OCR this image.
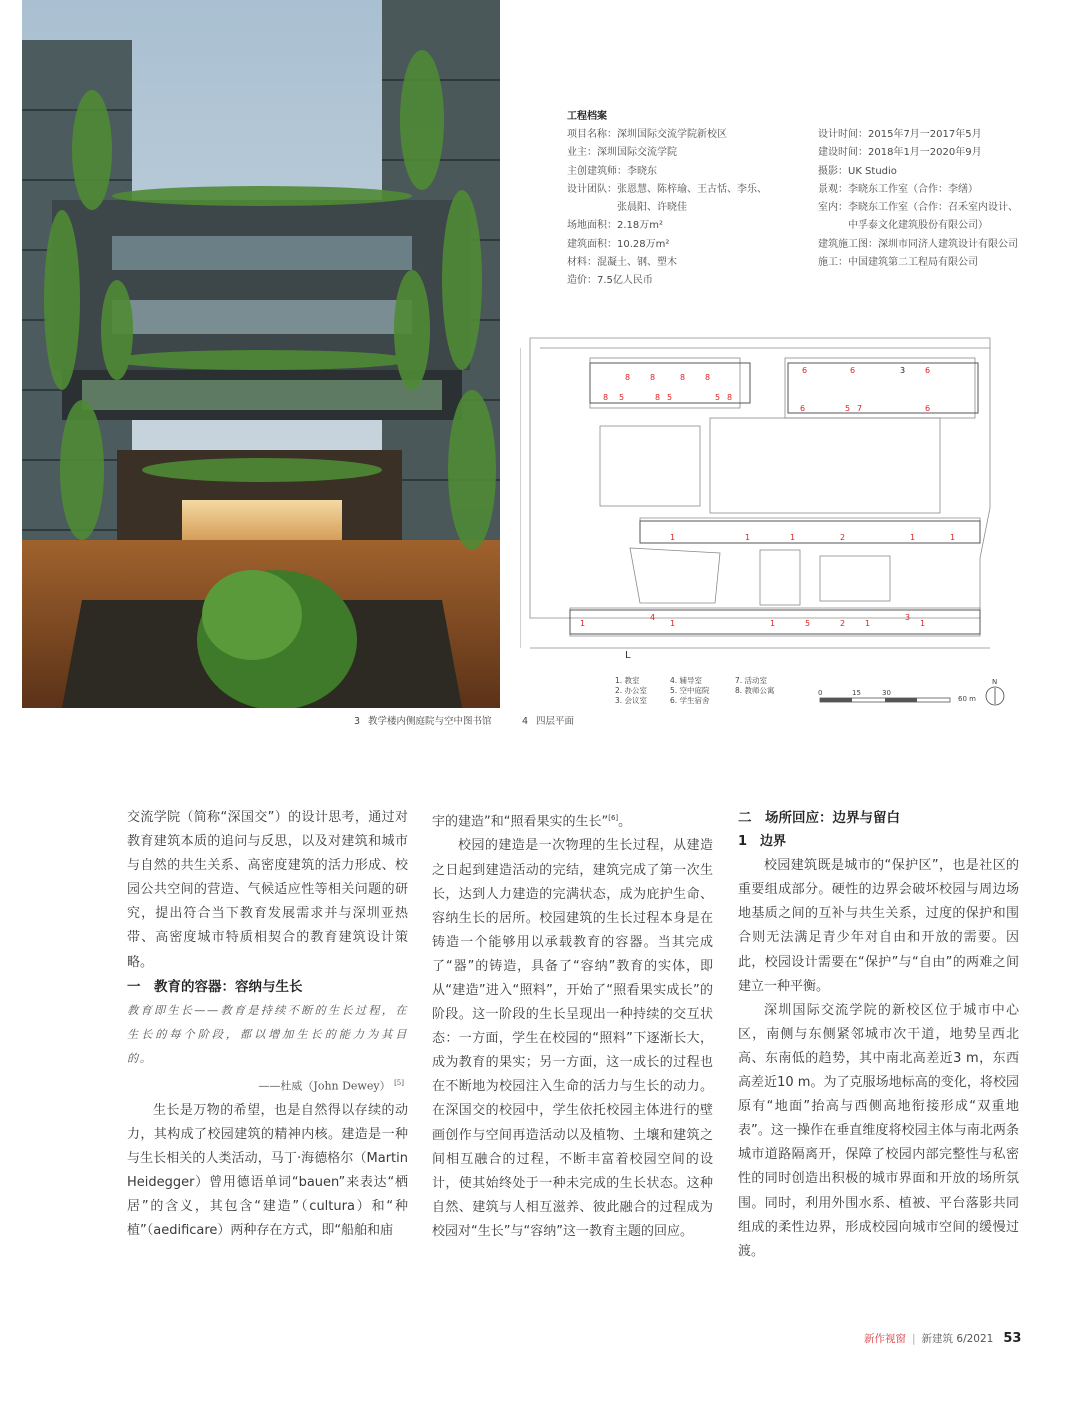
3 教学楼内侧庭院与空中图书馆
工程档案
项目名称：深圳国际交流学院新校区
业主：深圳国际交流学院
主创建筑师：李晓东
设计团队：张恩慧、陈梓瑜、王古恬、李乐、
张晨阳、许晓佳
场地面积：2.18万m²
建筑面积：10.28万m²
材料：混凝土、钢、塑木
造价：7.5亿人民币
设计时间：2015年7月一2017年5月
建设时间：2018年1月一2020年9月
摄影：UK Studio
景观：李晓东工作室（合作：李缮）
室内：李晓东工作室（合作：召禾室内设计、
中孚泰文化建筑股份有限公司）
建筑施工图：深圳市同济人建筑设计有限公司
施工：中国建筑第二工程局有限公司
8 8	8 8
8 5	8 5	5 8
6	6	6
6	5 7	6
1	1	1	2	1	1
1
4
1	1	5	2 1
3
1
3
L
1. 教室	4. 辅导室	7. 活动室
2. 办公室	5. 空中庭院	8. 教师公寓
3. 会议室	6. 学生宿舍
0	15	30
60 m
N
4 四层平面

交流学院（简称“深国交”）的设计思考，通过对教育建筑本质的追问与反思，以及对建筑和城市与自然的共生关系、高密度建筑的活力形成、校园公共空间的营造、气候适应性等相关问题的研究，提出符合当下教育发展需求并与深圳亚热带、高密度城市特质相契合的教育建筑设计策略。

一　教育的容器：容纳与生长

教育即生长——教育是持续不断的生长过程，在生长的每个阶段，都以增加生长的能力为其目的。

——杜威（John Dewey） [5]

生长是万物的希望，也是自然得以存续的动力，其构成了校园建筑的精神内核。建造是一种与生长相关的人类活动，马丁·海德格尔（Martin Heidegger）曾用德语单词“bauen”来表达“栖居”的含义，其包含“建造”（cultura）和“种植”（aedificare）两种存在方式，即“船舶和庙

宇的建造”和“照看果实的生长”[6]。

校园的建造是一次物理的生长过程，从建造之日起到建造活动的完结，建筑完成了第一次生长，达到人力建造的完满状态，成为庇护生命、容纳生长的居所。校园建筑的生长过程本身是在铸造一个能够用以承载教育的容器。当其完成了“器”的铸造，具备了“容纳”教育的实体，即从“建造”进入“照料”，开始了“照看果实成长”的阶段。这一阶段的生长呈现出一种持续的交互状态：一方面，学生在校园的“照料”下逐渐长大，成为教育的果实；另一方面，这一成长的过程也在不断地为校园注入生命的活力与生长的动力。在深国交的校园中，学生依托校园主体进行的壁画创作与空间再造活动以及植物、土壤和建筑之间相互融合的过程，不断丰富着校园空间的设计，使其始终处于一种未完成的生长状态。这种自然、建筑与人相互滋养、彼此融合的过程成为校园对“生长”与“容纳”这一教育主题的回应。

二　场所回应：边界与留白

1　边界

校园建筑既是城市的“保护区”，也是社区的重要组成部分。硬性的边界会破坏校园与周边场地基质之间的互补与共生关系，过度的保护和围合则无法满足青少年对自由和开放的需要。因此，校园设计需要在“保护”与“自由”的两难之间建立一种平衡。

深圳国际交流学院的新校区位于城市中心区，南侧与东侧紧邻城市次干道，地势呈西北高、东南低的趋势，其中南北高差近3 m，东西高差近10 m。为了克服场地标高的变化，将校园原有“地面”抬高与西侧高地衔接形成“双重地表”。这一操作在垂直维度将校园主体与南北两条城市道路隔离开，保障了校园内部完整性与私密性的同时创造出积极的城市界面和开放的场所氛围。同时，利用外围水系、植被、平台落影共同组成的柔性边界，形成校园向城市空间的缓慢过渡。

新作视窗 | 新建筑 6/2021 53
